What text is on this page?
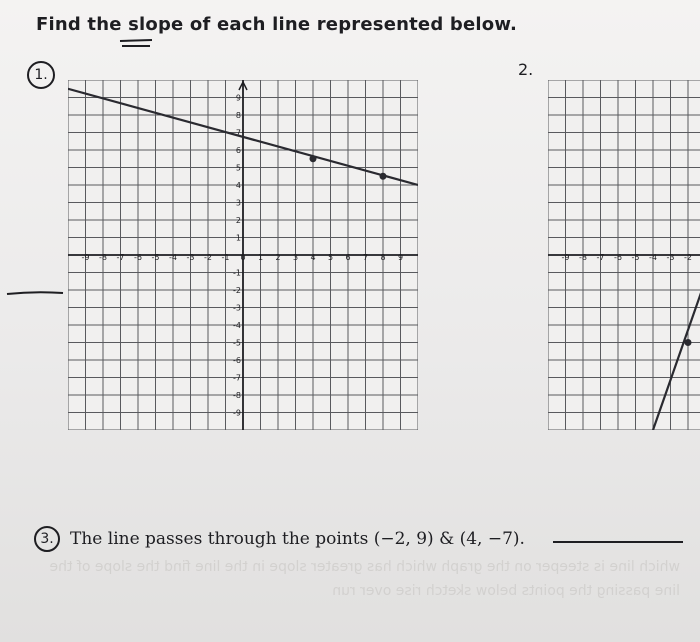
which line is steeper on the graph which has greater slope in the line find the slope of the line passing the points below sketch rise over run
Find the slope of each line represented below.
1.	2.
-9 -8 -7 -6 -5 -4 -3 -2 -1 0 1 2 3 4 5 6 7 8 9
9
8
7
6
5
4
3
2
1
-1
-2
-3
-4
-5
-6
-7
-8
-9
-9 -8 -7 -6 -5 -4 -3 -2
3. The line passes through the points (−2, 9) & (4, −7).
